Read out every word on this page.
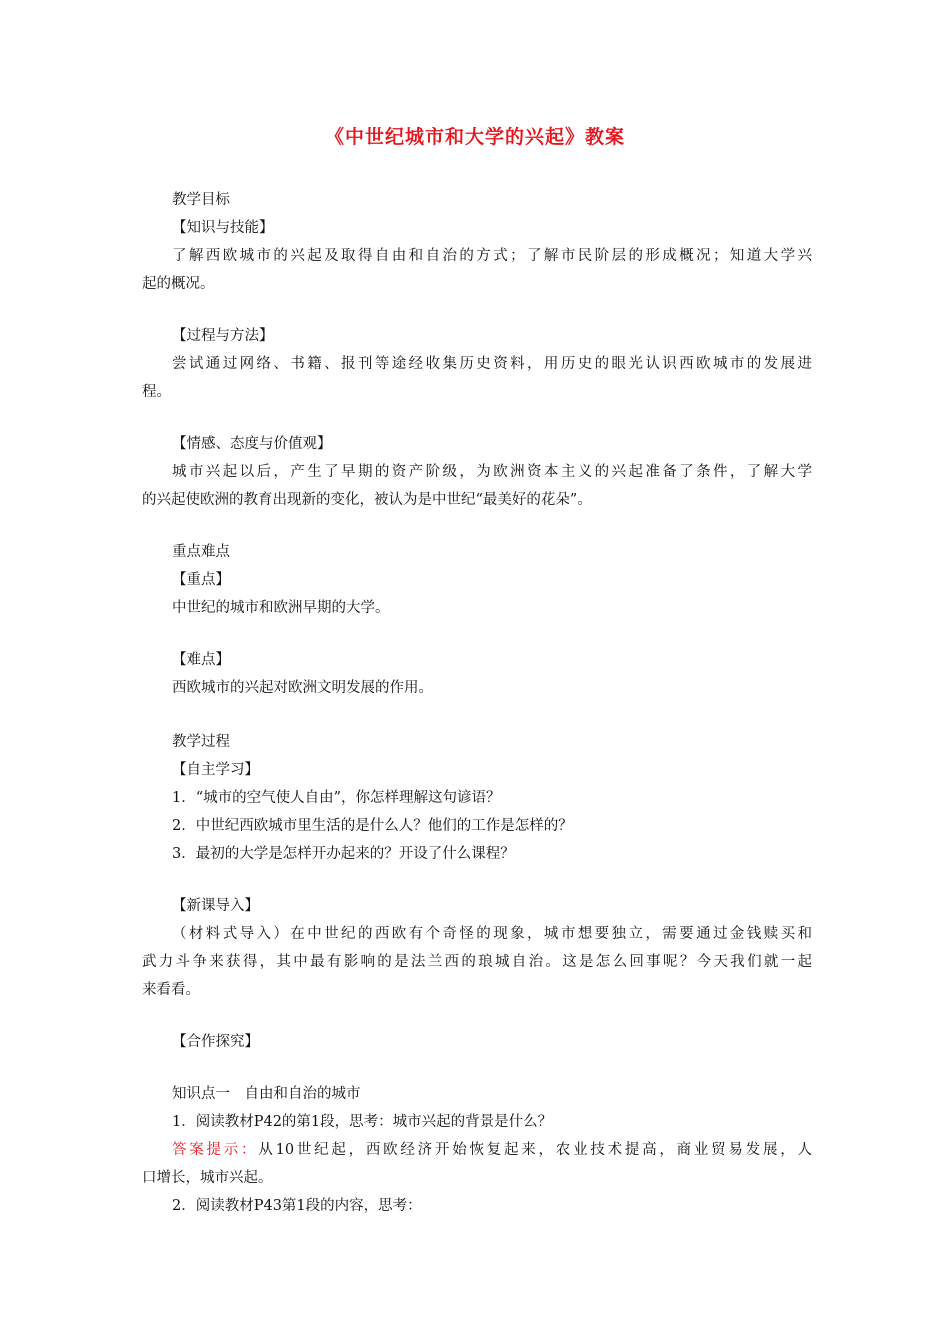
《中世纪城市和大学的兴起》教案
教学目标
【知识与技能】
了解西欧城市的兴起及取得自由和自治的方式；了解市民阶层的形成概况；知道大学兴
起的概况。
【过程与方法】
尝试通过网络、书籍、报刊等途经收集历史资料，用历史的眼光认识西欧城市的发展进
程。
【情感、态度与价值观】
城市兴起以后，产生了早期的资产阶级，为欧洲资本主义的兴起准备了条件，了解大学
的兴起使欧洲的教育出现新的变化，被认为是中世纪“最美好的花朵”。
重点难点
【重点】
中世纪的城市和欧洲早期的大学。
【难点】
西欧城市的兴起对欧洲文明发展的作用。
教学过程
【自主学习】
1．“城市的空气使人自由”，你怎样理解这句谚语？
2．中世纪西欧城市里生活的是什么人？他们的工作是怎样的？
3．最初的大学是怎样开办起来的？开设了什么课程？
【新课导入】
（材料式导入）在中世纪的西欧有个奇怪的现象，城市想要独立，需要通过金钱赎买和
武力斗争来获得，其中最有影响的是法兰西的琅城自治。这是怎么回事呢？今天我们就一起
来看看。
【合作探究】
知识点一　自由和自治的城市
1．阅读教材P42的第1段，思考：城市兴起的背景是什么？
答案提示：从10世纪起，西欧经济开始恢复起来，农业技术提高，商业贸易发展，人
口增长，城市兴起。
2．阅读教材P43第1段的内容，思考：
